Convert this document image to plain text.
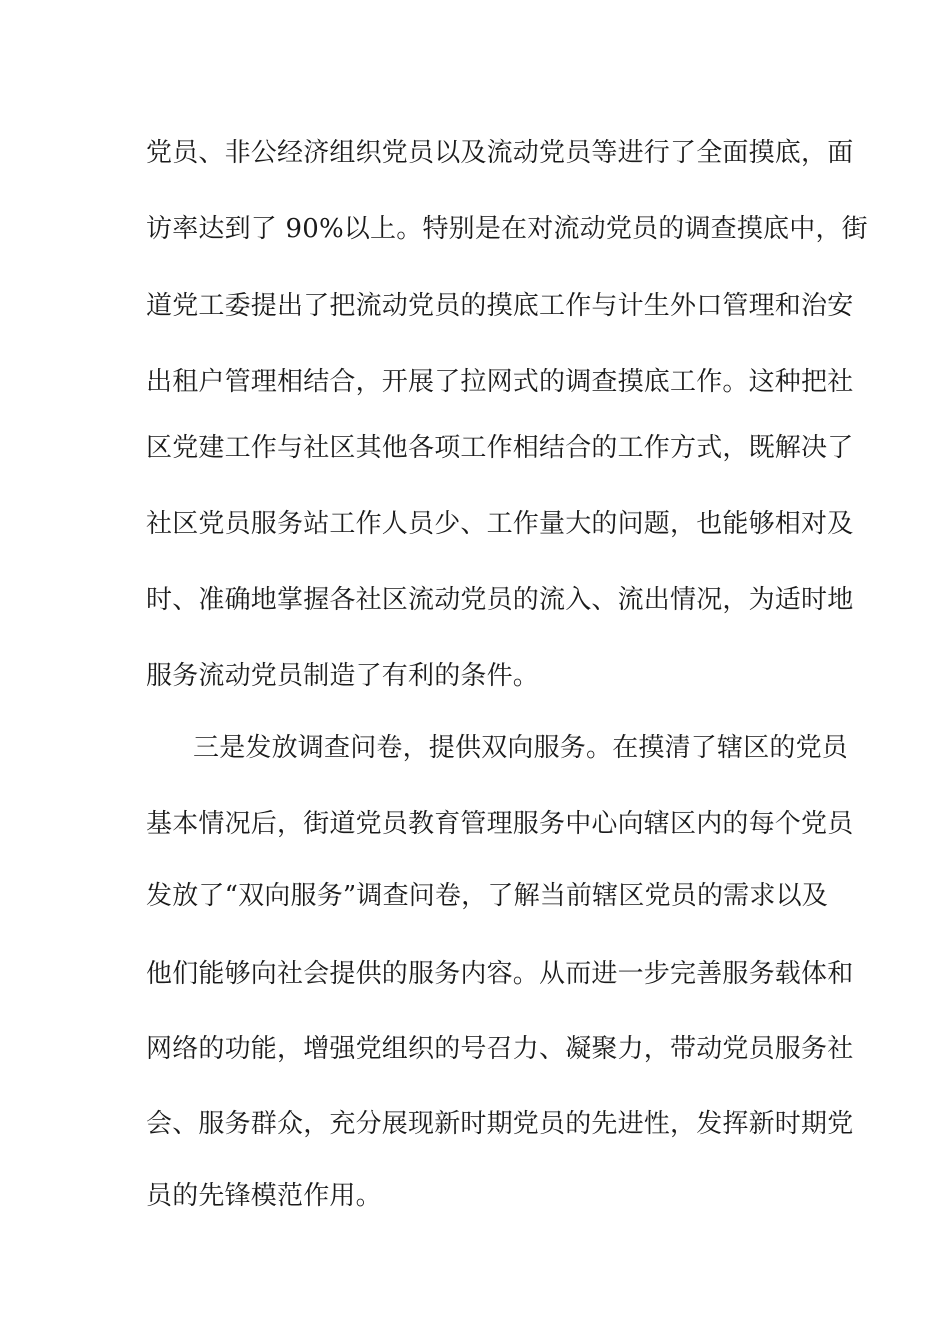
党员、非公经济组织党员以及流动党员等进行了全面摸底，面
访率达到了 90%以上。特别是在对流动党员的调查摸底中，街
道党工委提出了把流动党员的摸底工作与计生外口管理和治安
出租户管理相结合，开展了拉网式的调查摸底工作。这种把社
区党建工作与社区其他各项工作相结合的工作方式，既解决了
社区党员服务站工作人员少、工作量大的问题，也能够相对及
时、准确地掌握各社区流动党员的流入、流出情况，为适时地
服务流动党员制造了有利的条件。
三是发放调查问卷，提供双向服务。在摸清了辖区的党员
基本情况后，街道党员教育管理服务中心向辖区内的每个党员
发放了“双向服务”调查问卷，了解当前辖区党员的需求以及
他们能够向社会提供的服务内容。从而进一步完善服务载体和
网络的功能，增强党组织的号召力、凝聚力，带动党员服务社
会、服务群众，充分展现新时期党员的先进性，发挥新时期党
员的先锋模范作用。
